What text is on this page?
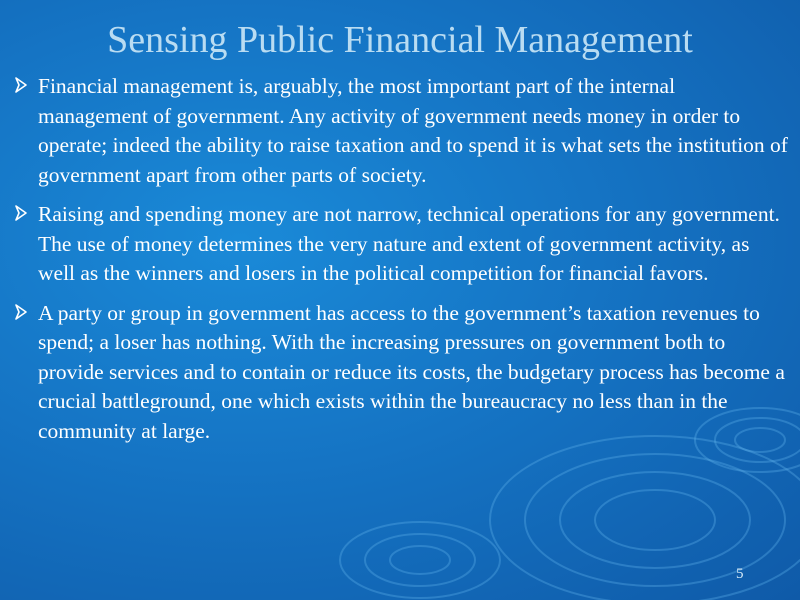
Sensing Public Financial Management
Financial management is, arguably, the most important part of the internal management of government. Any activity of government needs money in order to operate; indeed the ability to raise taxation and to spend it is what sets the institution of government apart from other parts of society.
Raising and spending money are not narrow, technical operations for any government. The use of money determines the very nature and extent of government activity, as well as the winners and losers in the political competition for financial favors.
A party or group in government has access to the government’s taxation revenues to spend; a loser has nothing. With the increasing pressures on government both to provide services and to contain or reduce its costs, the budgetary process has become a crucial battleground, one which exists within the bureaucracy no less than in the community at large.
5
